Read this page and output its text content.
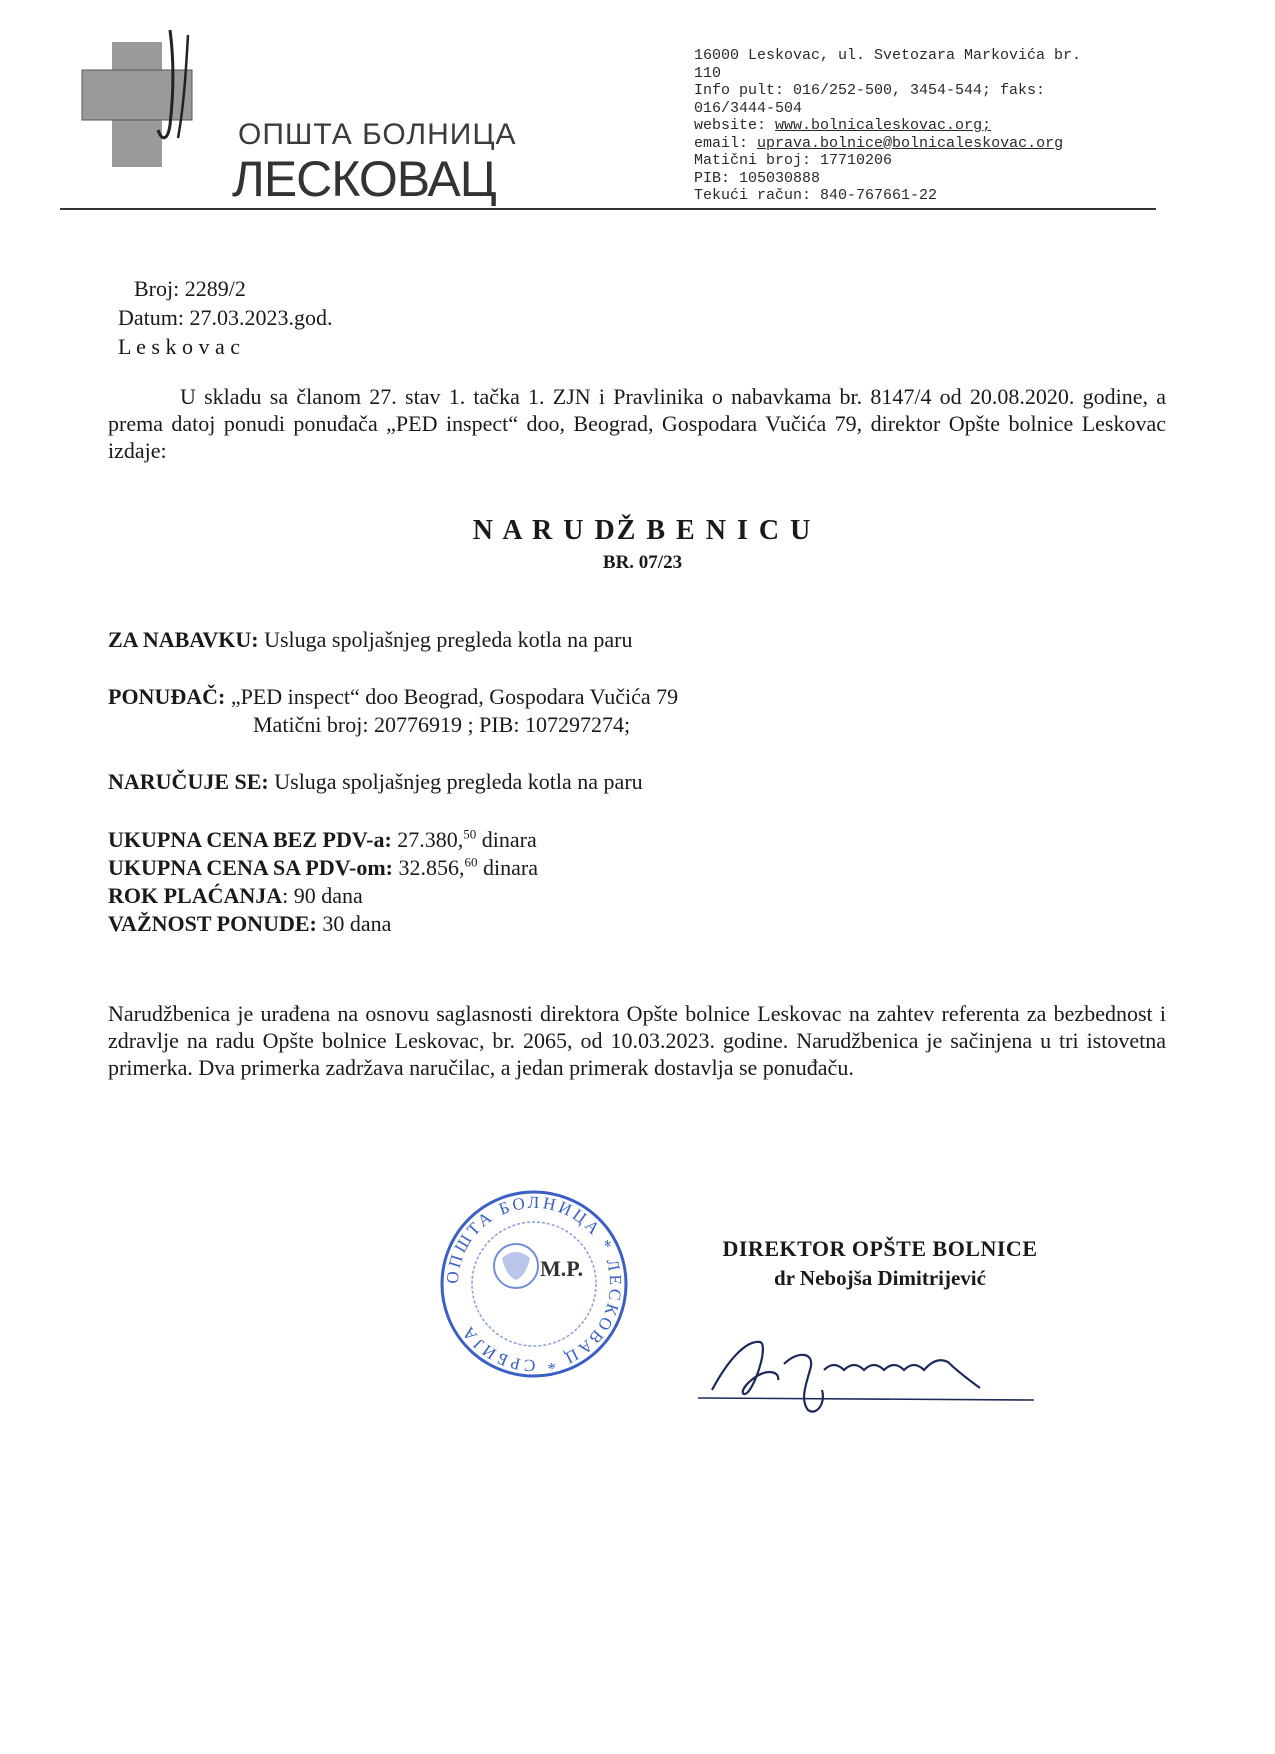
ОПШТА БОЛНИЦА
ЛЕСКОВАЦ
16000 Leskovac, ul. Svetozara Markovića br.
110
Info pult: 016/252-500, 3454-544; faks:
016/3444-504
website: www.bolnicaleskovac.org;
email: uprava.bolnice@bolnicaleskovac.org
Matični broj: 17710206
PIB: 105030888
Tekući račun: 840-767661-22
Broj: 2289/2
Datum: 27.03.2023.god.
L e s k o v a c
U skladu sa članom 27. stav 1. tačka 1. ZJN i Pravlinika o nabavkama br. 8147/4 od 20.08.2020. godine, a prema datoj ponudi ponuđača „PED inspect“ doo, Beograd, Gospodara Vučića 79, direktor Opšte bolnice Leskovac izdaje:
N A R U DŽ B E N I C U
BR. 07/23
ZA NABAVKU: Usluga spoljašnjeg pregleda kotla na paru
PONUĐAČ: „PED inspect“ doo Beograd, Gospodara Vučića 79
Matični broj: 20776919 ; PIB: 107297274;
NARUČUJE SE: Usluga spoljašnjeg pregleda kotla na paru
UKUPNA CENA BEZ PDV-a: 27.380,50 dinara
UKUPNA CENA SA PDV-om: 32.856,60 dinara
ROK PLAĆANJA: 90 dana
VAŽNOST PONUDE: 30 dana
Narudžbenica je urađena na osnovu saglasnosti direktora Opšte bolnice Leskovac na zahtev referenta za bezbednost i zdravlje na radu Opšte bolnice Leskovac, br. 2065, od 10.03.2023. godine. Narudžbenica je sačinjena u tri istovetna primerka. Dva primerka zadržava naručilac, a jedan primerak dostavlja se ponuđaču.
ОПШТА БОЛНИЦА * ЛЕСКОВАЦ * СРБИЈА
M.P.
DIREKTOR OPŠTE BOLNICE
dr Nebojša Dimitrijević
